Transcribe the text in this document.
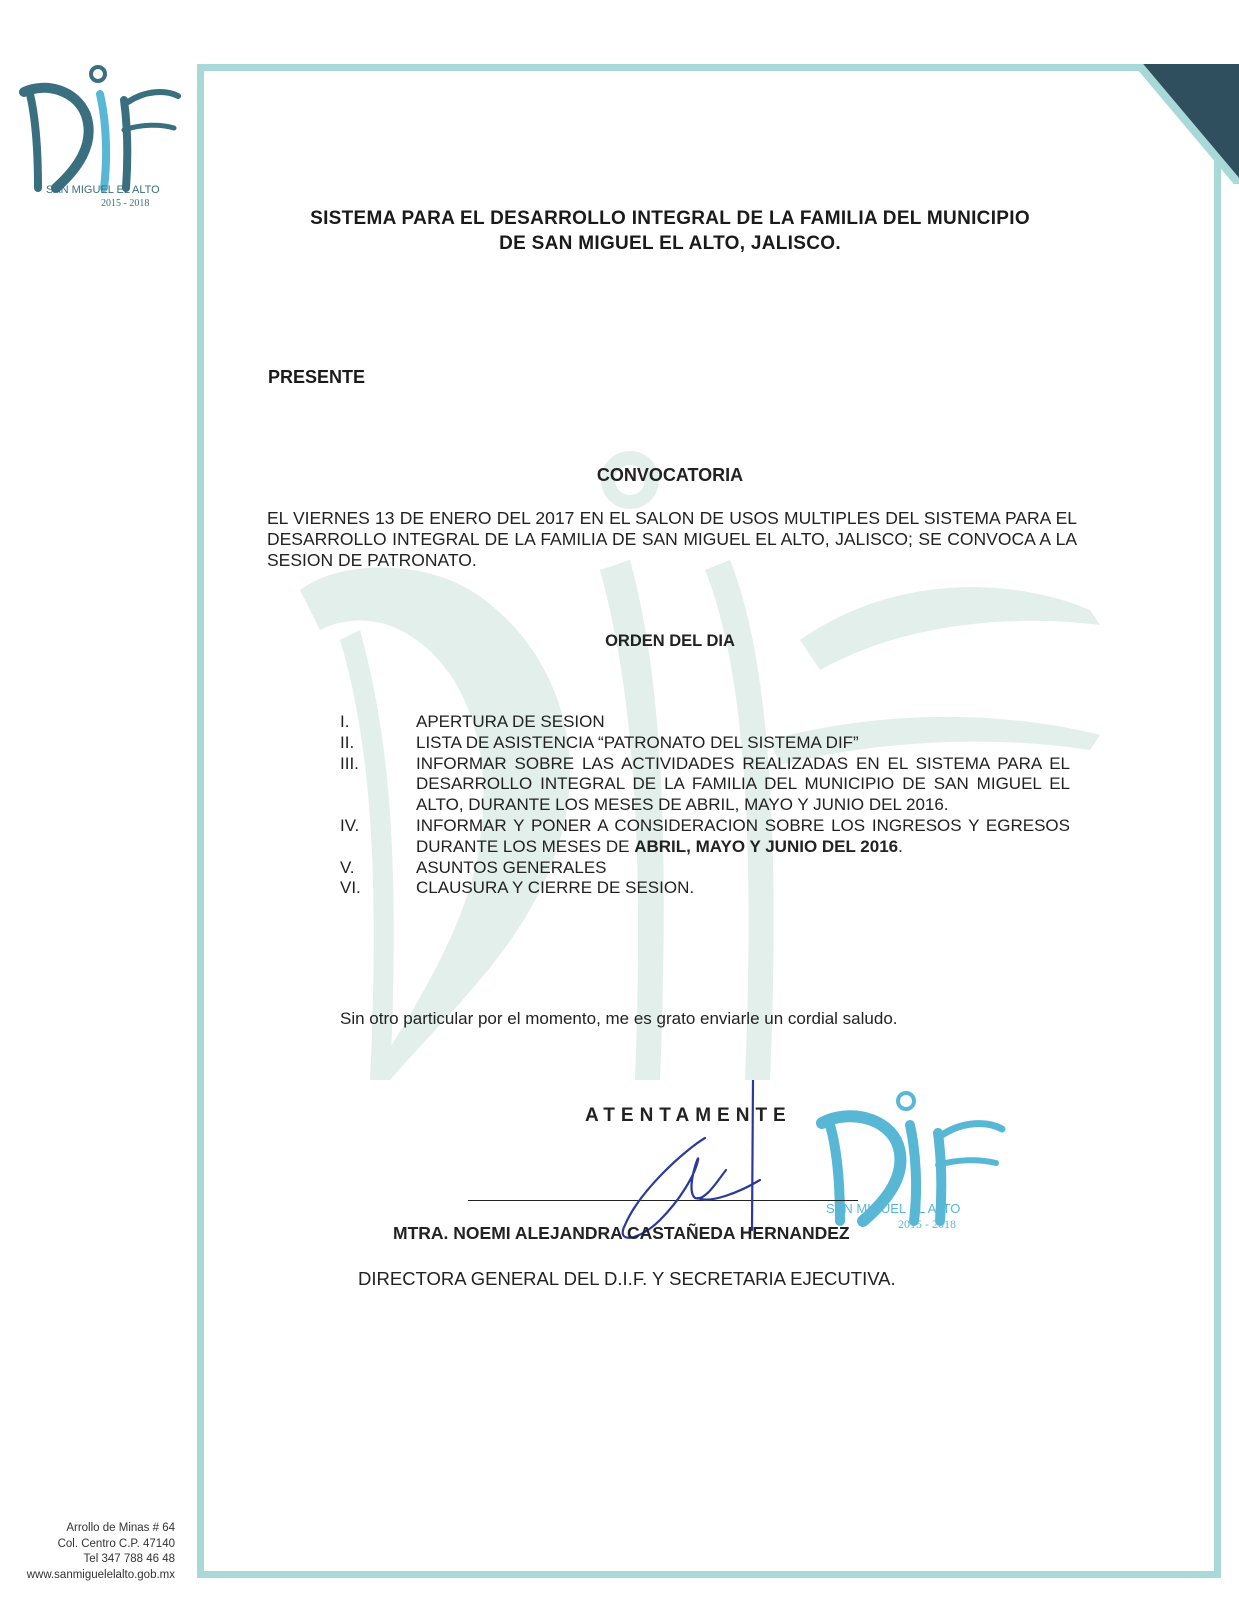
SAN MIGUEL EL ALTO
2015 - 2018
SISTEMA PARA EL DESARROLLO INTEGRAL DE LA FAMILIA DEL MUNICIPIO
DE SAN MIGUEL EL ALTO, JALISCO.
PRESENTE
CONVOCATORIA
EL VIERNES 13 DE ENERO DEL 2017 EN EL SALON DE USOS MULTIPLES DEL SISTEMA PARA EL DESARROLLO INTEGRAL DE LA FAMILIA DE SAN MIGUEL EL ALTO, JALISCO; SE CONVOCA A LA SESION DE PATRONATO.
ORDEN DEL DIA
I.	APERTURA DE SESION
II.	LISTA DE ASISTENCIA “PATRONATO DEL SISTEMA DIF”
III.	INFORMAR SOBRE LAS ACTIVIDADES REALIZADAS EN EL SISTEMA PARA EL DESARROLLO INTEGRAL DE LA FAMILIA DEL MUNICIPIO DE SAN MIGUEL EL ALTO, DURANTE LOS MESES DE ABRIL, MAYO Y JUNIO DEL 2016.
IV.	INFORMAR Y PONER A CONSIDERACION SOBRE LOS INGRESOS Y EGRESOS DURANTE LOS MESES DE ABRIL, MAYO Y JUNIO DEL 2016.
V.	ASUNTOS GENERALES
VI.	CLAUSURA Y CIERRE DE SESION.
Sin otro particular por el momento, me es grato enviarle un cordial saludo.
ATENTAMENTE
SAN MIGUEL EL ALTO
2015 - 2018
MTRA. NOEMI ALEJANDRA CASTAÑEDA HERNANDEZ
DIRECTORA GENERAL DEL D.I.F. Y SECRETARIA EJECUTIVA.
Arrollo de Minas # 64
Col. Centro C.P. 47140
Tel 347 788 46 48
www.sanmiguelelalto.gob.mx
